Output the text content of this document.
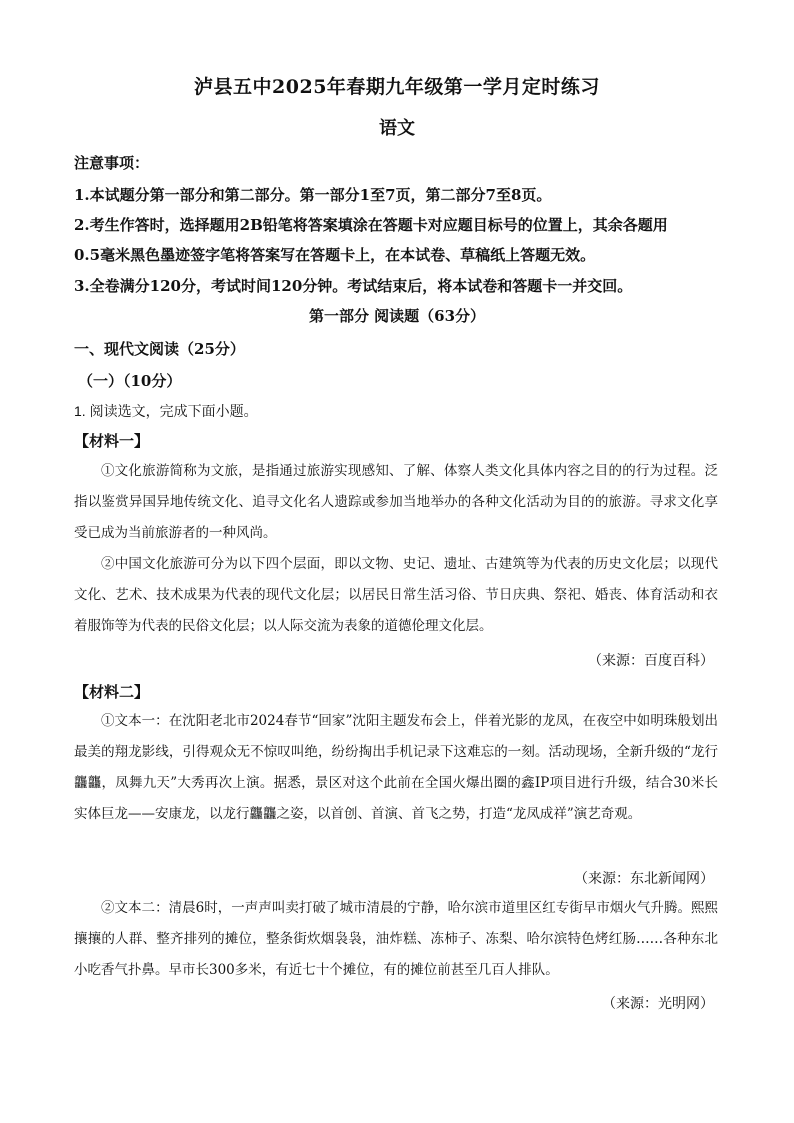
泸县五中2025年春期九年级第一学月定时练习
语文
注意事项：
1.本试题分第一部分和第二部分。第一部分1至7页，第二部分7至8页。
2.考生作答时，选择题用2B铅笔将答案填涂在答题卡对应题目标号的位置上，其余各题用
0.5毫米黑色墨迹签字笔将答案写在答题卡上，在本试卷、草稿纸上答题无效。
3.全卷满分120分，考试时间120分钟。考试结束后，将本试卷和答题卡一并交回。
第一部分 阅读题（63分）
一、现代文阅读（25分）
（一）（10分）
1. 阅读选文，完成下面小题。
【材料一】
①文化旅游简称为文旅，是指通过旅游实现感知、了解、体察人类文化具体内容之目的的行为过程。泛指以鉴赏异国异地传统文化、追寻文化名人遗踪或参加当地举办的各种文化活动为目的的旅游。寻求文化享受已成为当前旅游者的一种风尚。
②中国文化旅游可分为以下四个层面，即以文物、史记、遗址、古建筑等为代表的历史文化层；以现代文化、艺术、技术成果为代表的现代文化层；以居民日常生活习俗、节日庆典、祭祀、婚丧、体育活动和衣着服饰等为代表的民俗文化层；以人际交流为表象的道德伦理文化层。
（来源：百度百科）
【材料二】
①文本一：在沈阳老北市2024春节“回家”沈阳主题发布会上，伴着光影的龙凤，在夜空中如明珠般划出最美的翔龙影线，引得观众无不惊叹叫绝，纷纷掏出手机记录下这难忘的一刻。活动现场，全新升级的“龙行龘龘，凤舞九天”大秀再次上演。据悉，景区对这个此前在全国火爆出圈的鑫IP项目进行升级，结合30米长实体巨龙——安康龙，以龙行龘龘之姿，以首创、首演、首飞之势，打造“龙凤成祥”演艺奇观。
（来源：东北新闻网）
②文本二：清晨6时，一声声叫卖打破了城市清晨的宁静，哈尔滨市道里区红专街早市烟火气升腾。熙熙攘攘的人群、整齐排列的摊位，整条街炊烟袅袅，油炸糕、冻柿子、冻梨、哈尔滨特色烤红肠……各种东北小吃香气扑鼻。早市长300多米，有近七十个摊位，有的摊位前甚至几百人排队。
（来源：光明网）
